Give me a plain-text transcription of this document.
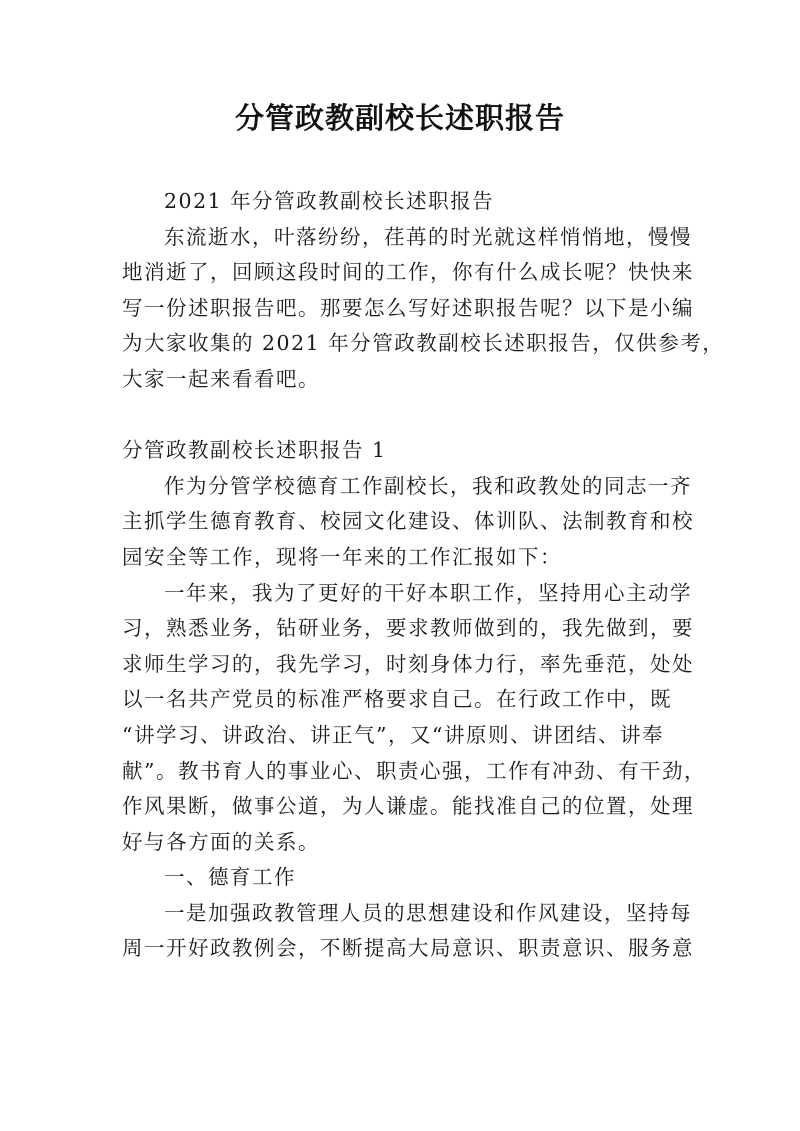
分管政教副校长述职报告
2021 年分管政教副校长述职报告
东流逝水，叶落纷纷，荏苒的时光就这样悄悄地，慢慢
地消逝了，回顾这段时间的工作，你有什么成长呢？快快来
写一份述职报告吧。那要怎么写好述职报告呢？以下是小编
为大家收集的 2021 年分管政教副校长述职报告，仅供参考，
大家一起来看看吧。
分管政教副校长述职报告 1
作为分管学校德育工作副校长，我和政教处的同志一齐
主抓学生德育教育、校园文化建设、体训队、法制教育和校
园安全等工作，现将一年来的工作汇报如下：
一年来，我为了更好的干好本职工作，坚持用心主动学
习，熟悉业务，钻研业务，要求教师做到的，我先做到，要
求师生学习的，我先学习，时刻身体力行，率先垂范，处处
以一名共产党员的标准严格要求自己。在行政工作中，既
“讲学习、讲政治、讲正气”，又“讲原则、讲团结、讲奉
献”。教书育人的事业心、职责心强，工作有冲劲、有干劲，
作风果断，做事公道，为人谦虚。能找准自己的位置，处理
好与各方面的关系。
一、德育工作
一是加强政教管理人员的思想建设和作风建设，坚持每
周一开好政教例会，不断提高大局意识、职责意识、服务意
